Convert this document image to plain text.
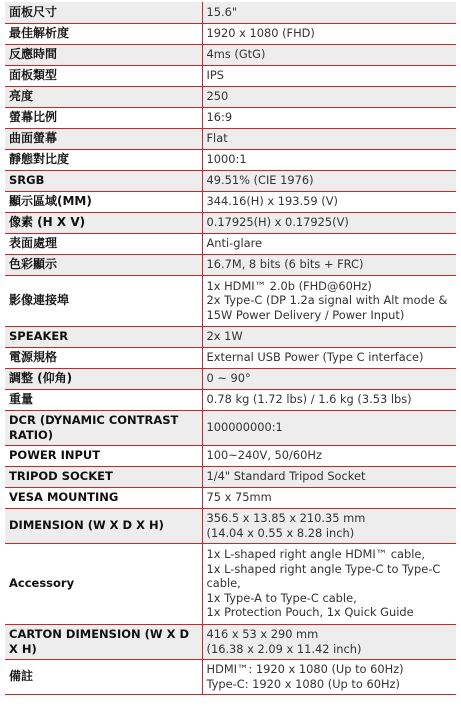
面板尺寸	15.6"
最佳解析度	1920 x 1080 (FHD)
反應時間	4ms (GtG)
面板類型	IPS
亮度	250
螢幕比例	16:9
曲面螢幕	Flat
靜態對比度	1000:1
SRGB	49.51% (CIE 1976)
顯示區域(MM)	344.16(H) x 193.59 (V)
像素 (H X V)	0.17925(H) x 0.17925(V)
表面處理	Anti-glare
色彩顯示	16.7M, 8 bits (6 bits + FRC)
影像連接埠	1x HDMI™ 2.0b (FHD@60Hz)
2x Type-C (DP 1.2a signal with Alt mode & 15W Power Delivery / Power Input)
SPEAKER	2x 1W
電源規格	External USB Power (Type C interface)
調整 (仰角)	0 ~ 90°
重量	0.78 kg (1.72 lbs) / 1.6 kg (3.53 lbs)
DCR (DYNAMIC CONTRAST RATIO)	100000000:1
POWER INPUT	100~240V, 50/60Hz
TRIPOD SOCKET	1/4" Standard Tripod Socket
VESA MOUNTING	75 x 75mm
DIMENSION (W X D X H)	356.5 x 13.85 x 210.35 mm
(14.04 x 0.55 x 8.28 inch)
Accessory	1x L-shaped right angle HDMI™ cable,
1x L-shaped right angle Type-C to Type-C cable,
1x Type-A to Type-C cable,
1x Protection Pouch, 1x Quick Guide
CARTON DIMENSION (W X D X H)	416 x 53 x 290 mm
(16.38 x 2.09 x 11.42 inch)
備註	HDMI™: 1920 x 1080 (Up to 60Hz)
Type-C: 1920 x 1080 (Up to 60Hz)
